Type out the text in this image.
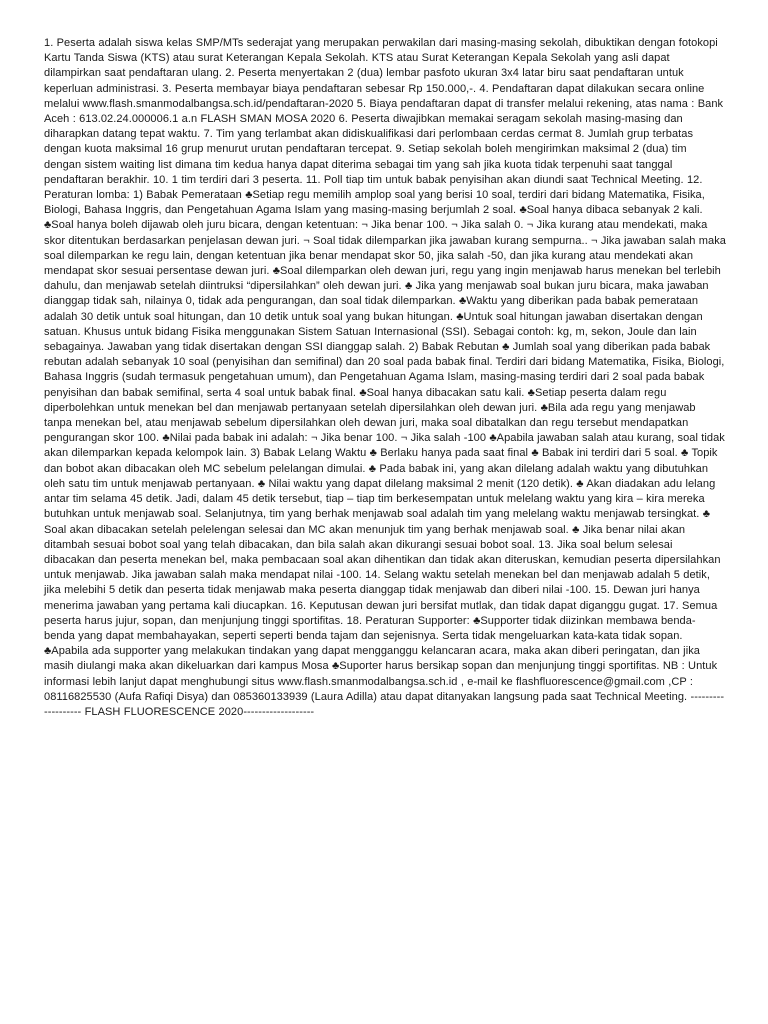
1. Peserta adalah siswa kelas SMP/MTs sederajat yang merupakan perwakilan dari masing-masing sekolah, dibuktikan dengan fotokopi Kartu Tanda Siswa (KTS) atau surat Keterangan Kepala Sekolah. KTS atau Surat Keterangan Kepala Sekolah yang asli dapat dilampirkan saat pendaftaran ulang. 2. Peserta menyertakan 2 (dua) lembar pasfoto ukuran 3x4 latar biru saat pendaftaran untuk keperluan administrasi. 3. Peserta membayar biaya pendaftaran sebesar Rp 150.000,-. 4. Pendaftaran dapat dilakukan secara online melalui www.flash.smanmodalbangsa.sch.id/pendaftaran-2020 5. Biaya pendaftaran dapat di transfer melalui rekening, atas nama : Bank Aceh : 613.02.24.000006.1 a.n FLASH SMAN MOSA 2020 6. Peserta diwajibkan memakai seragam sekolah masing-masing dan diharapkan datang tepat waktu. 7. Tim yang terlambat akan didiskualifikasi dari perlombaan cerdas cermat 8. Jumlah grup terbatas dengan kuota maksimal 16 grup menurut urutan pendaftaran tercepat. 9. Setiap sekolah boleh mengirimkan maksimal 2 (dua) tim dengan sistem waiting list dimana tim kedua hanya dapat diterima sebagai tim yang sah jika kuota tidak terpenuhi saat tanggal pendaftaran berakhir. 10. 1 tim terdiri dari 3 peserta. 11. Poll tiap tim untuk babak penyisihan akan diundi saat Technical Meeting. 12. Peraturan lomba: 1) Babak Pemerataan ♣Setiap regu memilih amplop soal yang berisi 10 soal, terdiri dari bidang Matematika, Fisika, Biologi, Bahasa Inggris, dan Pengetahuan Agama Islam yang masing-masing berjumlah 2 soal. ♣Soal hanya dibaca sebanyak 2 kali. ♣Soal hanya boleh dijawab oleh juru bicara, dengan ketentuan: ¬ Jika benar 100. ¬ Jika salah 0. ¬ Jika kurang atau mendekati, maka skor ditentukan berdasarkan penjelasan dewan juri. ¬ Soal tidak dilemparkan jika jawaban kurang sempurna.. ¬ Jika jawaban salah maka soal dilemparkan ke regu lain, dengan ketentuan jika benar mendapat skor 50, jika salah -50, dan jika kurang atau mendekati akan mendapat skor sesuai persentase dewan juri. ♣Soal dilemparkan oleh dewan juri, regu yang ingin menjawab harus menekan bel terlebih dahulu, dan menjawab setelah diintruksi “dipersilahkan” oleh dewan juri. ♣ Jika yang menjawab soal bukan juru bicara, maka jawaban dianggap tidak sah, nilainya 0, tidak ada pengurangan, dan soal tidak dilemparkan. ♣Waktu yang diberikan pada babak pemerataan adalah 30 detik untuk soal hitungan, dan 10 detik untuk soal yang bukan hitungan. ♣Untuk soal hitungan jawaban disertakan dengan satuan. Khusus untuk bidang Fisika menggunakan Sistem Satuan Internasional (SSI). Sebagai contoh: kg, m, sekon, Joule dan lain sebagainya. Jawaban yang tidak disertakan dengan SSI dianggap salah. 2) Babak Rebutan ♣ Jumlah soal yang diberikan pada babak rebutan adalah sebanyak 10 soal (penyisihan dan semifinal) dan 20 soal pada babak final. Terdiri dari bidang Matematika, Fisika, Biologi, Bahasa Inggris (sudah termasuk pengetahuan umum), dan Pengetahuan Agama Islam, masing-masing terdiri dari 2 soal pada babak penyisihan dan babak semifinal, serta 4 soal untuk babak final. ♣Soal hanya dibacakan satu kali. ♣Setiap peserta dalam regu diperbolehkan untuk menekan bel dan menjawab pertanyaan setelah dipersilahkan oleh dewan juri. ♣Bila ada regu yang menjawab tanpa menekan bel, atau menjawab sebelum dipersilahkan oleh dewan juri, maka soal dibatalkan dan regu tersebut mendapatkan pengurangan skor 100. ♣Nilai pada babak ini adalah: ¬ Jika benar 100. ¬ Jika salah -100 ♣Apabila jawaban salah atau kurang, soal tidak akan dilemparkan kepada kelompok lain. 3) Babak Lelang Waktu ♣ Berlaku hanya pada saat final ♣ Babak ini terdiri dari 5 soal. ♣ Topik dan bobot akan dibacakan oleh MC sebelum pelelangan dimulai. ♣ Pada babak ini, yang akan dilelang adalah waktu yang dibutuhkan oleh satu tim untuk menjawab pertanyaan. ♣ Nilai waktu yang dapat dilelang maksimal 2 menit (120 detik). ♣ Akan diadakan adu lelang antar tim selama 45 detik. Jadi, dalam 45 detik tersebut, tiap – tiap tim berkesempatan untuk melelang waktu yang kira – kira mereka butuhkan untuk menjawab soal. Selanjutnya, tim yang berhak menjawab soal adalah tim yang melelang waktu menjawab tersingkat. ♣ Soal akan dibacakan setelah pelelengan selesai dan MC akan menunjuk tim yang berhak menjawab soal. ♣ Jika benar nilai akan ditambah sesuai bobot soal yang telah dibacakan, dan bila salah akan dikurangi sesuai bobot soal. 13. Jika soal belum selesai dibacakan dan peserta menekan bel, maka pembacaan soal akan dihentikan dan tidak akan diteruskan, kemudian peserta dipersilahkan untuk menjawab. Jika jawaban salah maka mendapat nilai -100. 14. Selang waktu setelah menekan bel dan menjawab adalah 5 detik, jika melebihi 5 detik dan peserta tidak menjawab maka peserta dianggap tidak menjawab dan diberi nilai -100. 15. Dewan juri hanya menerima jawaban yang pertama kali diucapkan. 16. Keputusan dewan juri bersifat mutlak, dan tidak dapat diganggu gugat. 17. Semua peserta harus jujur, sopan, dan menjunjung tinggi sportifitas. 18. Peraturan Supporter: ♣Supporter tidak diizinkan membawa benda-benda yang dapat membahayakan, seperti seperti benda tajam dan sejenisnya. Serta tidak mengeluarkan kata-kata tidak sopan. ♣Apabila ada supporter yang melakukan tindakan yang dapat mengganggu kelancaran acara, maka akan diberi peringatan, dan jika masih diulangi maka akan dikeluarkan dari kampus Mosa ♣Suporter harus bersikap sopan dan menjunjung tinggi sportifitas. NB : Untuk informasi lebih lanjut dapat menghubungi situs www.flash.smanmodalbangsa.sch.id , e-mail ke flashfluorescence@gmail.com ,CP : 08116825530 (Aufa Rafiqi Disya) dan 085360133939 (Laura Adilla) atau dapat ditanyakan langsung pada saat Technical Meeting. ------------------- FLASH FLUORESCENCE 2020-------------------
